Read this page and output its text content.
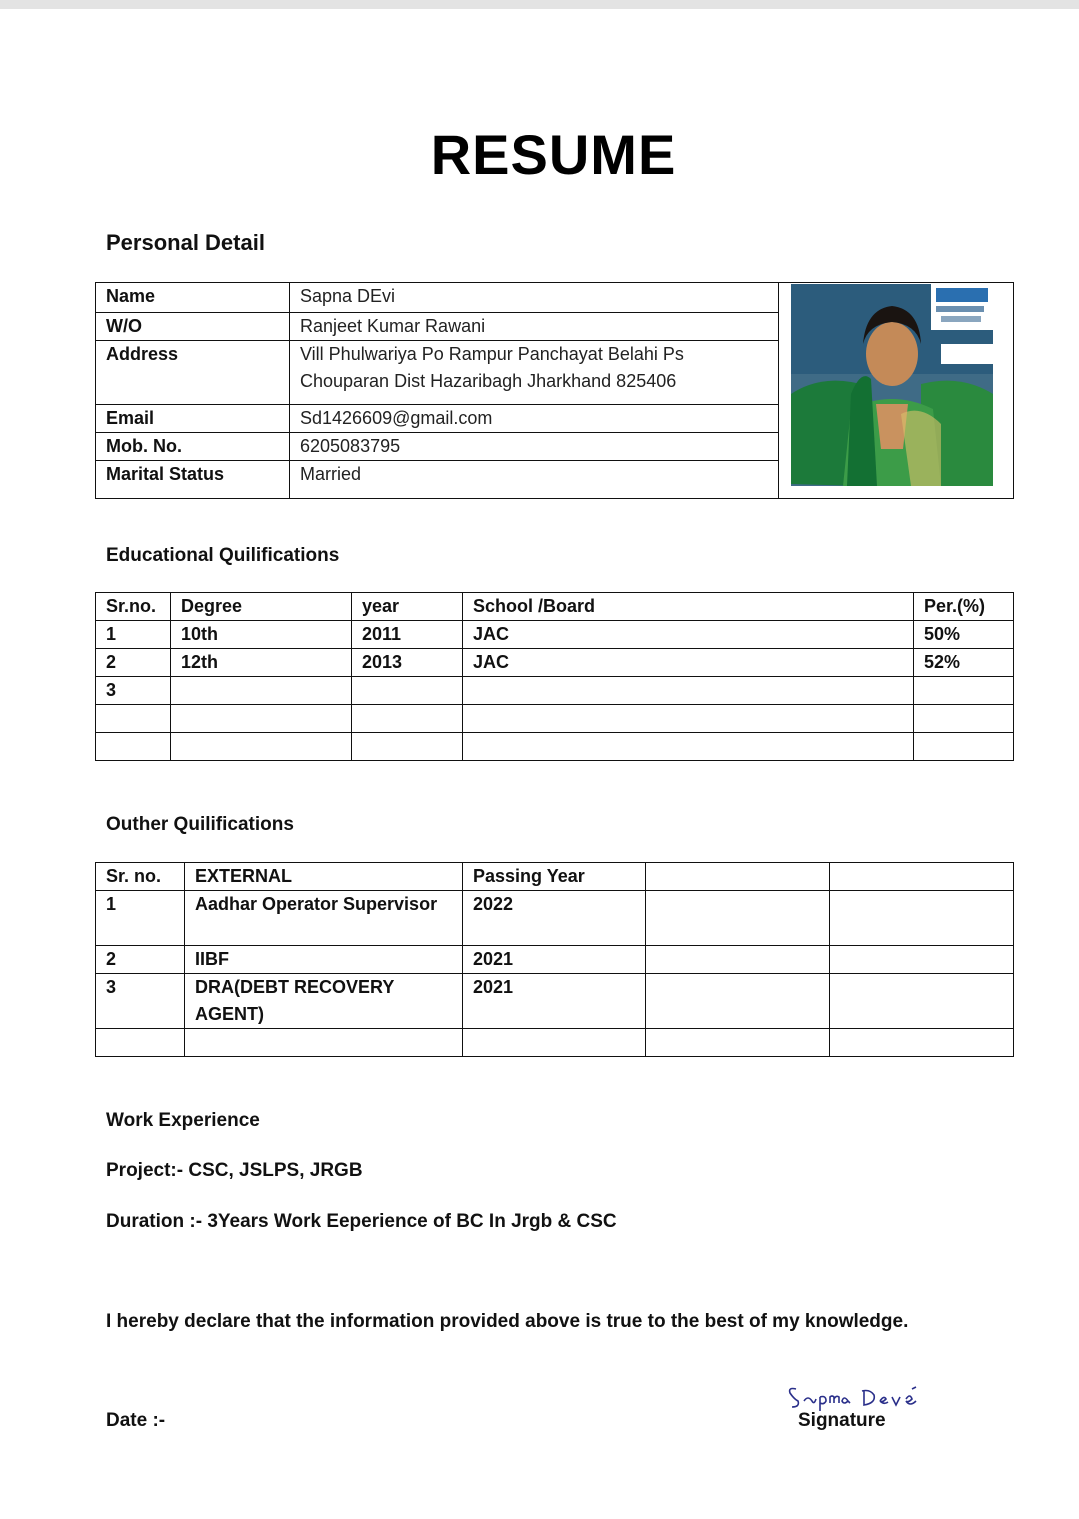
RESUME
Personal Detail
Name	Sapna DEvi	

W/O	Ranjeet Kumar Rawani	
Address	Vill Phulwariya Po Rampur Panchayat Belahi Ps
Chouparan Dist Hazaribagh Jharkhand 825406	

Email	Sd1426609@gmail.com	
Mob. No.	6205083795	
Marital Status	Married	
Educational Quilifications
Sr.no.	Degree	year	School /Board	Per.(%)
1	10th	2011	JAC	50%
2	12th	2013	JAC	52%
3				

Outher Quilifications
Sr. no.	EXTERNAL	Passing Year		
1	Aadhar Operator Supervisor	2022		
2	IIBF	2021		
3	DRA(DEBT RECOVERY AGENT)	2021		

Work Experience
Project:- CSC, JSLPS, JRGB
Duration :- 3Years Work Eeperience of BC In Jrgb & CSC
I hereby declare that the information provided above is true to the best of my knowledge.
Date :-	Signature
